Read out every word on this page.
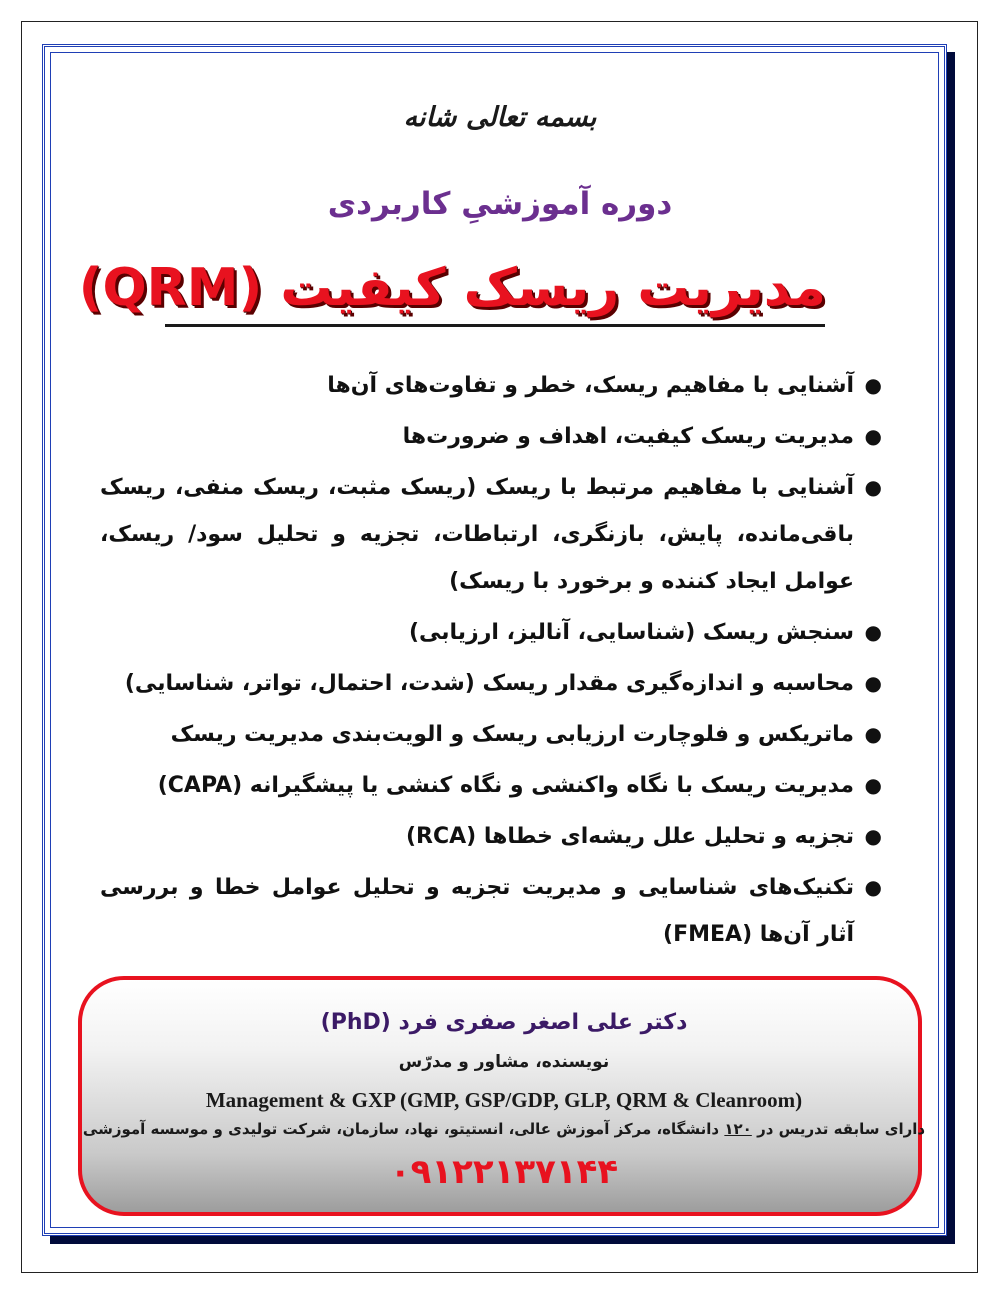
بسمه تعالی شانه
دوره آموزشیِ کاربردی
مدیریت ریسک کیفیت (QRM)
●
آشنایی با مفاهیم ریسک، خطر و تفاوت‌های آن‌ها
●
مدیریت ریسک کیفیت، اهداف و ضرورت‌ها
●
آشنایی با مفاهیم مرتبط با ریسک (ریسک مثبت، ریسک منفی، ریسک باقی‌مانده، پایش، بازنگری، ارتباطات، تجزیه و تحلیل سود/ ریسک، عوامل ایجاد کننده و برخورد با ریسک)
●
سنجش ریسک (شناسایی، آنالیز، ارزیابی)
●
محاسبه و اندازه‌گیری مقدار ریسک (شدت، احتمال، تواتر، شناسایی)
●
ماتریکس و فلوچارت ارزیابی ریسک و الویت‌بندی مدیریت ریسک
●
مدیریت ریسک با نگاه واکنشی و نگاه کنشی یا پیشگیرانه (CAPA)
●
تجزیه و تحلیل علل ریشه‌ای خطاها (RCA)
●
تکنیک‌های شناسایی و مدیریت تجزیه و تحلیل عوامل خطا و بررسی آثار آن‌ها (FMEA)
دکتر علی اصغر صفری فرد (PhD)
نویسنده، مشاور و مدرّس
Management & GXP (GMP, GSP/GDP, GLP, QRM & Cleanroom)
دارای سابقه تدریس در ۱۲۰ دانشگاه، مرکز آموزش عالی، انستیتو، نهاد، سازمان، شرکت تولیدی و موسسه آموزشی
۰۹۱۲۲۱۳۷۱۴۴
